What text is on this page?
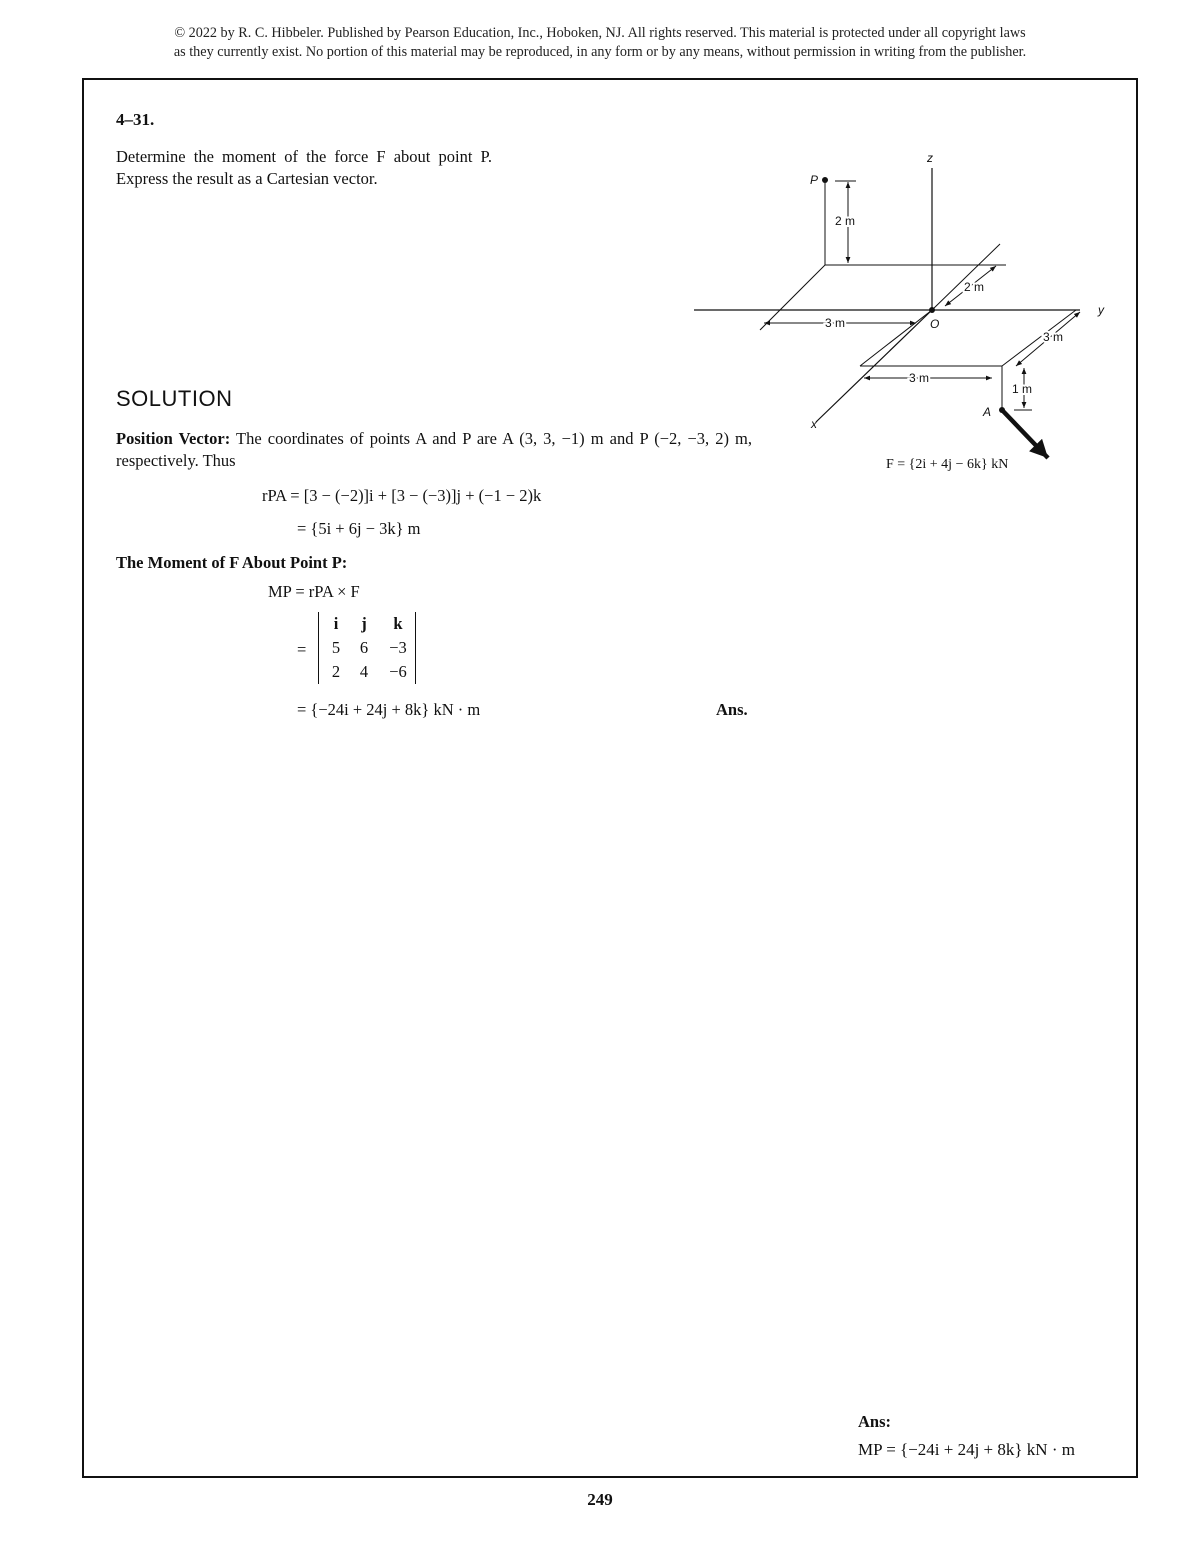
© 2022 by R. C. Hibbeler. Published by Pearson Education, Inc., Hoboken, NJ. All rights reserved. This material is protected under all copyright laws
as they currently exist. No portion of this material may be reproduced, in any form or by any means, without permission in writing from the publisher.
4–31.
Determine the moment of the force F about point P.
Express the result as a Cartesian vector.
z
y
x
P
O
A
2 m
2 m
3 m
3 m
3 m
1 m
F = {2i + 4j − 6k} kN
SOLUTION
Position Vector: The coordinates of points A and P are A (3, 3, −1) m and P (−2, −3, 2) m, respectively. Thus
rPA = [3 − (−2)]i + [3 − (−3)]j + (−1 − 2)k
= {5i + 6j − 3k} m
The Moment of F About Point P:
MP = rPA × F
=
i	j	k
5	6	−3
2	4	−6
= {−24i + 24j + 8k} kN · m	Ans.
Ans:
MP = {−24i + 24j + 8k} kN · m
249
